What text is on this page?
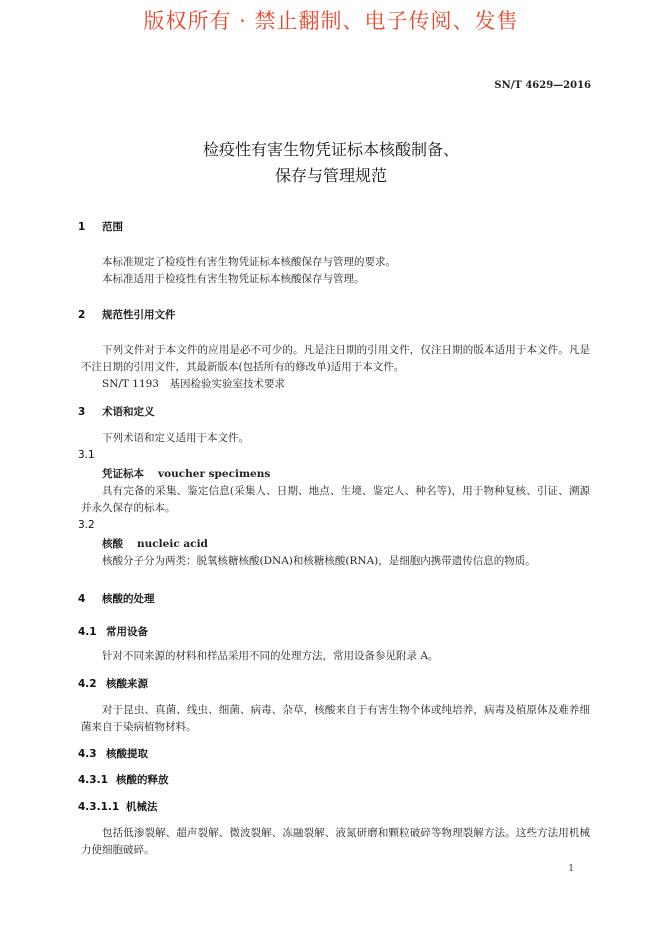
版权所有 · 禁止翻制、电子传阅、发售
SN/T 4629—2016
检疫性有害生物凭证标本核酸制备、
保存与管理规范
1 范围
本标准规定了检疫性有害生物凭证标本核酸保存与管理的要求。
本标准适用于检疫性有害生物凭证标本核酸保存与管理。
2 规范性引用文件
下列文件对于本文件的应用是必不可少的。凡是注日期的引用文件，仅注日期的版本适用于本文件。凡是不注日期的引用文件，其最新版本(包括所有的修改单)适用于本文件。
SN/T 1193　基因检验实验室技术要求
3 术语和定义
下列术语和定义适用于本文件。
3.1
凭证标本 voucher specimens
具有完备的采集、鉴定信息(采集人、日期、地点、生境、鉴定人、种名等)，用于物种复核、引证、溯源并永久保存的标本。
3.2
核酸 nucleic acid
核酸分子分为两类：脱氧核糖核酸(DNA)和核糖核酸(RNA)，是细胞内携带遗传信息的物质。
4 核酸的处理
4.1 常用设备
针对不同来源的材料和样品采用不同的处理方法，常用设备参见附录 A。
4.2 核酸来源
对于昆虫、真菌、线虫、细菌、病毒、杂草，核酸来自于有害生物个体或纯培养，病毒及植原体及难养细菌来自于染病植物材料。
4.3 核酸提取
4.3.1 核酸的释放
4.3.1.1 机械法
包括低渗裂解、超声裂解、微波裂解、冻融裂解、液氮研磨和颗粒破碎等物理裂解方法。这些方法用机械力使细胞破碎。
1
